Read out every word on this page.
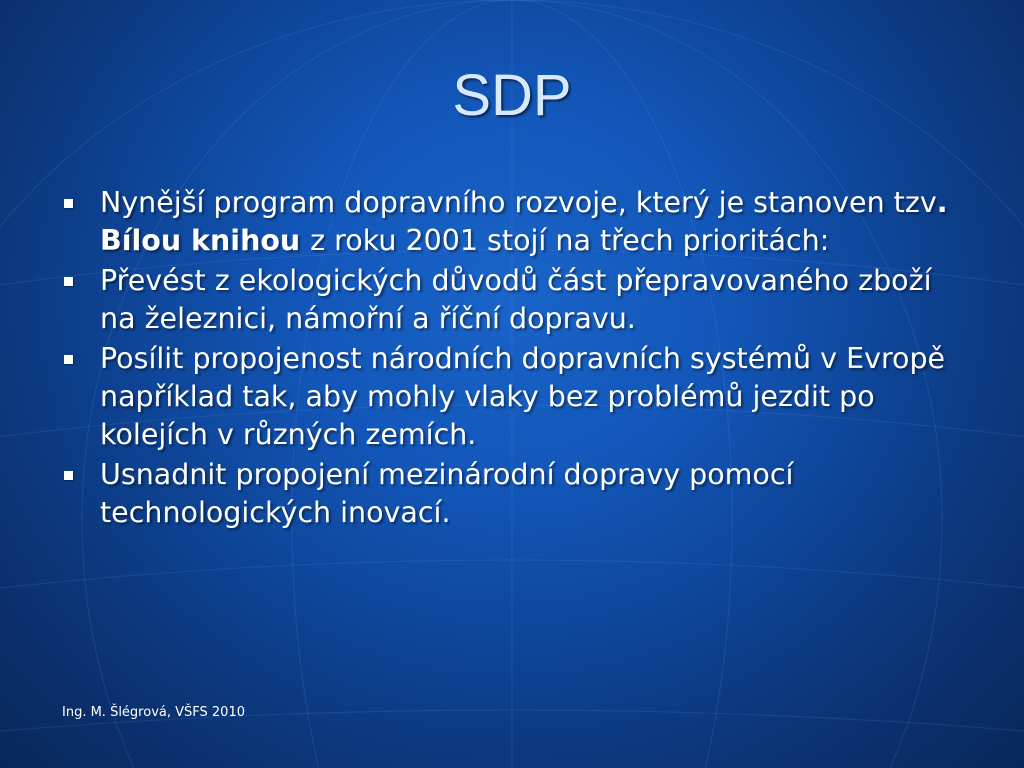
SDP
Nynější program dopravního rozvoje, který je stanoven tzv. Bílou knihou z roku 2001 stojí na třech prioritách:
Převést z ekologických důvodů část přepravovaného zboží na železnici, námořní a říční dopravu.
Posílit propojenost národních dopravních systémů v Evropě například tak, aby mohly vlaky bez problémů jezdit po kolejích v různých zemích.
Usnadnit propojení mezinárodní dopravy pomocí technologických inovací.
Ing. M. Šlégrová, VŠFS 2010
